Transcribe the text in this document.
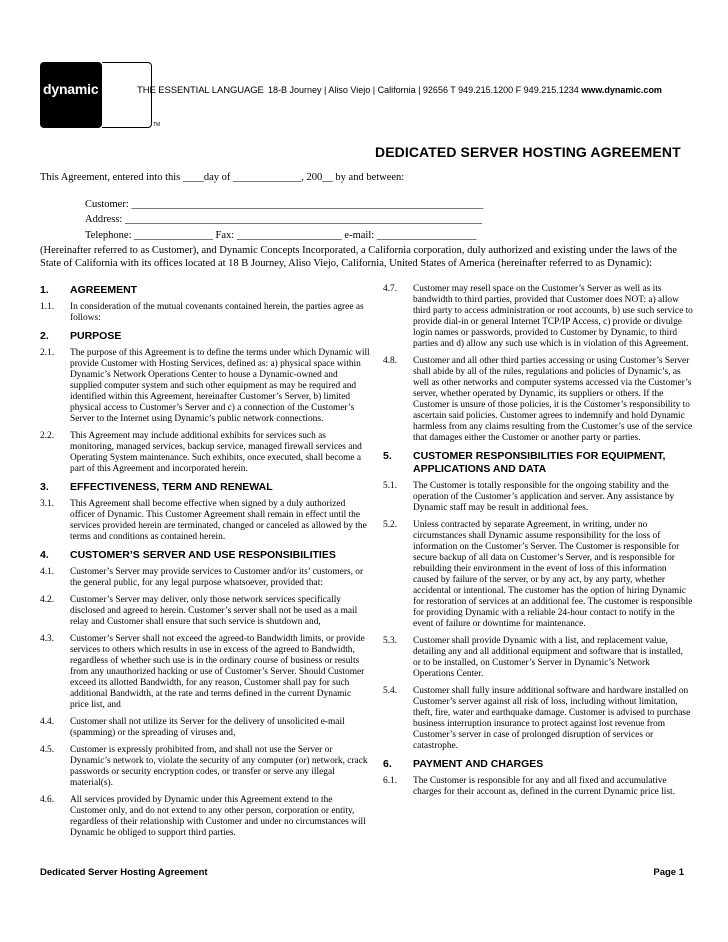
dynamic
TM
THE ESSENTIAL LANGUAGE 18-B Journey | Aliso Viejo | California | 92656 T 949.215.1200 F 949.215.1234 www.dynamic.com
DEDICATED SERVER HOSTING AGREEMENT
This Agreement, entered into this ____day of _____________, 200__ by and between:
Customer: ___________________________________________________________________
Address: ____________________________________________________________________
Telephone: _______________ Fax: ____________________ e-mail: ___________________
(Hereinafter referred to as Customer), and Dynamic Concepts Incorporated, a California corporation, duly authorized and existing under the laws of the State of California with its offices located at 18 B Journey, Aliso Viejo, California, United States of America (hereinafter referred to as Dynamic):
1.	AGREEMENT
1.1.	In consideration of the mutual covenants contained herein, the parties agree as follows:
2.	PURPOSE
2.1.	The purpose of this Agreement is to define the terms under which Dynamic will provide Customer with Hosting Services, defined as: a) physical space within Dynamic’s Network Operations Center to house a Dynamic-owned and supplied computer system and such other equipment as may be required and identified within this Agreement, hereinafter Customer’s Server, b) limited physical access to Customer’s Server and c) a connection of the Customer’s Server to the Internet using Dynamic’s public network connections.
2.2.	This Agreement may include additional exhibits for services such as monitoring, managed services, backup service, managed firewall services and Operating System maintenance. Such exhibits, once executed, shall become a part of this Agreement and incorporated herein.
3.	EFFECTIVENESS, TERM AND RENEWAL
3.1.	This Agreement shall become effective when signed by a duly authorized officer of Dynamic. This Customer Agreement shall remain in effect until the services provided herein are terminated, changed or canceled as allowed by the terms and conditions as contained herein.
4.	CUSTOMER’S SERVER AND USE RESPONSIBILITIES
4.1.	Customer’s Server may provide services to Customer and/or its’ customers, or the general public, for any legal purpose whatsoever, provided that:
4.2.	Customer’s Server may deliver, only those network services specifically disclosed and agreed to herein. Customer’s server shall not be used as a mail relay and Customer shall ensure that such service is shutdown and,
4.3.	Customer’s Server shall not exceed the agreed-to Bandwidth limits, or provide services to others which results in use in excess of the agreed to Bandwidth, regardless of whether such use is in the ordinary course of business or results from any unauthorized hacking or use of Customer’s Server. Should Customer exceed its allotted Bandwidth, for any reason, Customer shall pay for such additional Bandwidth, at the rate and terms defined in the current Dynamic price list, and
4.4.	Customer shall not utilize its Server for the delivery of unsolicited e-mail (spamming) or the spreading of viruses and,
4.5.	Customer is expressly prohibited from, and shall not use the Server or Dynamic’s network to, violate the security of any computer (or) network, crack passwords or security encryption codes, or transfer or serve any illegal material(s).
4.6.	All services provided by Dynamic under this Agreement extend to the Customer only, and do not extend to any other person, corporation or entity, regardless of their relationship with Customer and under no circumstances will Dynamic be obliged to support third parties.
4.7.	Customer may resell space on the Customer’s Server as well as its bandwidth to third parties, provided that Customer does NOT: a) allow third party to access administration or root accounts, b) use such service to provide dial-in or general Internet TCP/IP Access, c) provide or divulge login names or passwords, provided to Customer by Dynamic, to third parties and d) allow any such use which is in violation of this Agreement.
4.8.	Customer and all other third parties accessing or using Customer’s Server shall abide by all of the rules, regulations and policies of Dynamic’s, as well as other networks and computer systems accessed via the Customer’s server, whether operated by Dynamic, its suppliers or others. If the Customer is unsure of those policies, it is the Customer’s responsibility to ascertain said policies. Customer agrees to indemnify and hold Dynamic harmless from any claims resulting from the Customer’s use of the service that damages either the Customer or another party or parties.
5.	CUSTOMER RESPONSIBILITIES FOR EQUIPMENT, APPLICATIONS AND DATA
5.1.	The Customer is totally responsible for the ongoing stability and the operation of the Customer’s application and server. Any assistance by Dynamic staff may be result in additional fees.
5.2.	Unless contracted by separate Agreement, in writing, under no circumstances shall Dynamic assume responsibility for the loss of information on the Customer’s Server. The Customer is responsible for secure backup of all data on Customer’s Server, and is responsible for rebuilding their environment in the event of loss of this information caused by failure of the server, or by any act, by any party, whether accidental or intentional. The customer has the option of hiring Dynamic for restoration of services at an additional fee. The customer is responsible for providing Dynamic with a reliable 24-hour contact to notify in the event of failure or downtime for maintenance.
5.3.	Customer shall provide Dynamic with a list, and replacement value, detailing any and all additional equipment and software that is installed, or to be installed, on Customer’s Server in Dynamic’s Network Operations Center.
5.4.	Customer shall fully insure additional software and hardware installed on Customer’s server against all risk of loss, including without limitation, theft, fire, water and earthquake damage. Customer is advised to purchase business interruption insurance to protect against lost revenue from Customer’s server in case of prolonged disruption of services or catastrophe.
6.	PAYMENT AND CHARGES
6.1.	The Customer is responsible for any and all fixed and accumulative charges for their account as, defined in the current Dynamic price list.
Dedicated Server Hosting Agreement	Page 1
